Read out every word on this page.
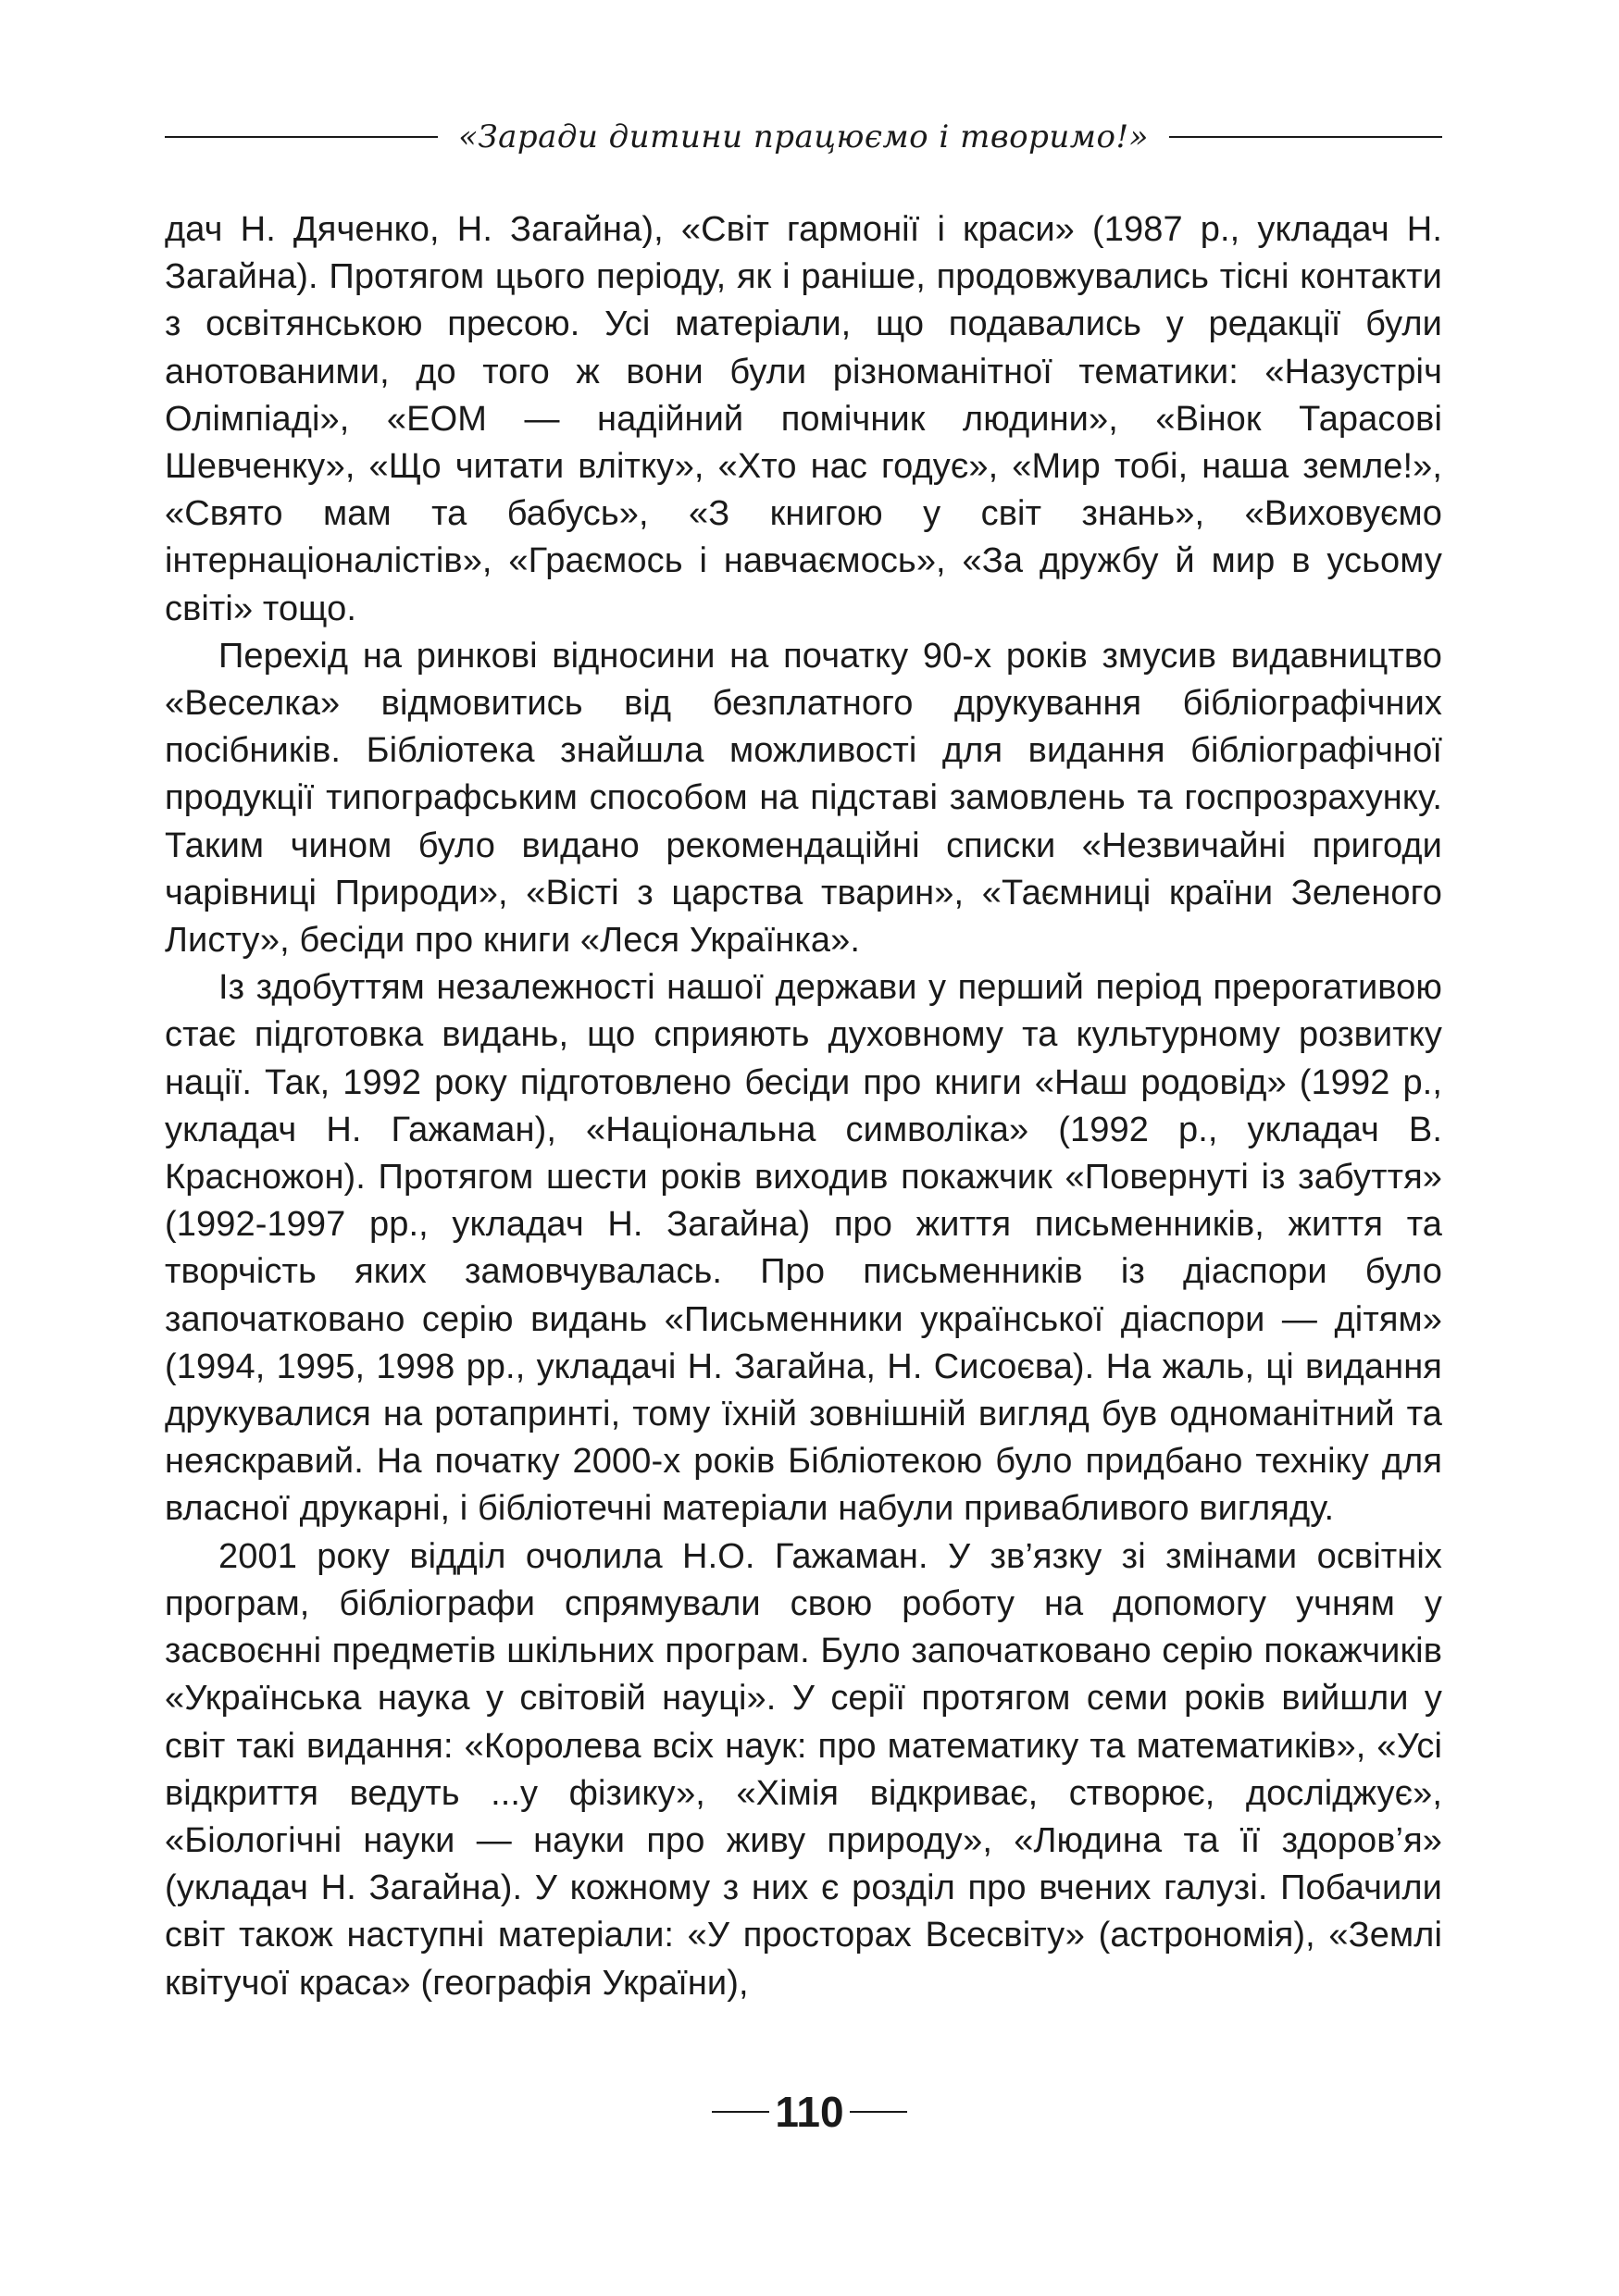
«Заради дитини працюємо і творимо!»

дач Н. Дяченко, Н. Загайна), «Світ гармонії і краси» (1987 р., укладач Н. Загайна). Протягом цього періоду, як і раніше, продовжувались тісні контакти з освітянською пресою. Усі матеріали, що подавались у редакції були анотованими, до того ж вони були різноманітної тематики: «Назустріч Олімпіаді», «ЕОМ — надійний помічник людини», «Вінок Тарасові Шевченку», «Що читати влітку», «Хто нас годує», «Мир тобі, наша земле!», «Свято мам та бабусь», «З книгою у світ знань», «Виховуємо інтернаціоналістів», «Граємось і навчаємось», «За дружбу й мир в усьому світі» тощо.

Перехід на ринкові відносини на початку 90-х років змусив видавництво «Веселка» відмовитись від безплатного друкування бібліографічних посібників. Бібліотека знайшла можливості для видання бібліографічної продукції типографським способом на підставі замовлень та госпрозрахунку. Таким чином було видано рекомендаційні списки «Незвичайні пригоди чарівниці Природи», «Вісті з царства тварин», «Таємниці країни Зеленого Листу», бесіди про книги «Леся Українка».

Із здобуттям незалежності нашої держави у перший період прерогативою стає підготовка видань, що сприяють духовному та культурному розвитку нації. Так, 1992 року підготовлено бесіди про книги «Наш родовід» (1992 р., укладач Н. Гажаман), «Національна символіка» (1992 р., укладач В. Красножон). Протягом шести років виходив покажчик «Повернуті із забуття» (1992-1997 рр., укладач Н. Загайна) про життя письменників, життя та творчість яких замовчувалась. Про письменників із діаспори було започатковано серію видань «Письменники української діаспори — дітям» (1994, 1995, 1998 рр., укладачі Н. Загайна, Н. Сисоєва). На жаль, ці видання друкувалися на ротапринті, тому їхній зовнішній вигляд був одноманітний та неяскравий. На початку 2000-х років Бібліотекою було придбано техніку для власної друкарні, і бібліотечні матеріали набули привабливого вигляду.

2001 року відділ очолила Н.О. Гажаман. У зв’язку зі змінами освітніх програм, бібліографи спрямували свою роботу на допомогу учням у засвоєнні предметів шкільних програм. Було започатковано серію покажчиків «Українська наука у світовій науці». У серії протягом семи років вийшли у світ такі видання: «Королева всіх наук: про математику та математиків», «Усі відкриття ведуть ...у фізику», «Хімія відкриває, створює, досліджує», «Біологічні науки — науки про живу природу», «Людина та її здоров’я» (укладач Н. Загайна). У кожному з них є розділ про вчених галузі. Побачили світ також наступні матеріали: «У просторах Всесвіту» (астрономія), «Землі квітучої краса» (географія України),

110
